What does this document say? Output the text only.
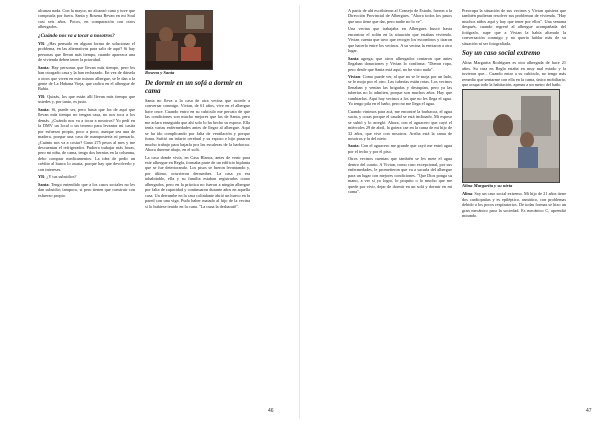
alcanza nada. Con la mayor, no alcanzó cuna y tuve que comprarla por fuera. Santa y Rosena Bevan en mi Soul casi seis años. Pocos, en comparación con otros albergados.

¿Cuándo nos va a tocar a nosotros?

YR: ¿Has pensado en alguna forma de solucionar el problema, en las alternativas para salir de aquí? Si hay personas que llevan más tiempo, cuando aparezca una de vivienda deben tener la prioridad.

Santa: Hay personas que llevan más tiempo, pero les han otorgado casa y la han rechazado. En vez de dársela a otros que viven en este mismo albergue, se le dan a la gente de La Habana Vieja, que radica en el albergue de Bahía.

YR: Quizás, los que están allí llevan más tiempo que ustedes y, por tanto, es justo.

Santa: Sí, puede ser, pero hasta que los de aquí que llevan más tiempo no tengan casa, no nos toca a los demás. ¿Cuándo nos va a tocar a nosotros? Yo pedí en la DMV un local o un terreno para levantar mi casita por esfuerzo propio, poco a poco, aunque sea una de madera, porque una casa de mampostería ni pensarlo. ¿Cuánto nos va a costar? Gano 275 pesos al mes y me descuentan el refrigerador. Pudiera trabajar más horas, pero mi niña, de cama, tengo dos hernias en la columna, debo comprar medicamentos. La idea de pedir un crédito al banco lo asusta, porque hay que devolverlo y con intereses.

YR: ¿Y tus subsidios?

Santa: Tengo entendido que a los casos sociales no les dan subsidio; tampoco, si pero tienen que construir con esfuerzo propio.

Rosena y Santa

De dormir en un sofá a dormir en cama

Santa no lleva a la casa de otra vecina que accede a conversar conmigo. Vivian, de 61 años, vive en el albergue hace once. Cuando entro en su cubículo me percato de que las condiciones son mucho mejores que las de Santa, pero me aclara enseguida que ahí solo lo ha hecho su esposo. Ella tenía varias enfermedades antes de llegar al albergue. Aquí se ha ido complicando por falta de ventilación y porque fuma. Sufrió un infarto cerebral y su esposo e hijo pasaron mucho trabajo para bajarla por las escaleras de la barbacoa. Ahora duerme abajo, en el sofá.

La casa donde vivía, en Casa Blanca, antes de venir para este albergue en Regla, formaba parte de un edificio biplanta que se fue deteriorando. Los pisos se fueron levantando y, por último, ocurrieron derrumbes. La casa ya era inhabitable, ella y su familia estaban registrados como albergados, pero en la práctica no fueron a ningún albergue por falta de capacidad y continuaron durante años en aquella casa. Un derrumbe en la casa colindante abrió un hueco en la pared con una viga. Pudo haber matado al hijo de la vecina si lo hubiese tenido en la cuna. "La cuna la desbaratô".

46

A partir de ahí escribieron al Consejo de Estado, fueron a la Dirección Provincial de Albergues. "Ahora todos los pasos que uno tiene que dar, pero nadie no lo ve".

Una vecina que trabajaba en Albergues buscó hasta encontrar el sofán en la situación que estaban viviendo. Vivian cuenta que tuvo que recoger los escombros y tiraron que hacerlo entre los vecinos. A su vecina la enviaron a otro lugar.

Santa agrega, que otros albergados contaron que antes llegaban donaciones y Vivian lo confirma: "Dieron ropa, pero desde que Santa está aquí, no he visto nada".

Vivian: Como puede ver, al que no se le moja por un lado, se le moja por el otro. Las tuberías están rotas. Los vecinos llenaban y venían las brigadas y destupían, pero ya las tuberías no lo admiten, porque son muchos años. Hay que cambiarlas. Aquí hay vecinos a los que no les llega el agua. Yo tengo pila en el baño, pero no me llega el agua.

Cuando vinimos para acá, me encontré la barbacoa, el agua sucia, y cosas porque el caudal se está inclinado. Mi esposo se subió y lo arregló. Ahora, con el aguacero que cayó el miércoles 29 de abril, la gotera cae en la cama de mi hijo de 32 años, que vive con nosotros. Arriba está la cama de nosotros y la del nieto.

Santa: Con el aguacero me grande que cayó me entró agua por el techo y por el piso.

Otros vecinos cuentan que también se les mete el agua dentro del cuarto. A Vivian, como caso excepcional, por sus enfermedades, le prometieron que va a sacarla del albergue para un lugar con mejores condiciones. "Que Dios ponga su mano, a ver si yo logro, lo poquito o lo mucho que me quede por vivir, dejar de dormir en un sofá y dormir en mi cama".

Preocupa la situación de sus vecinos y Vivian quisiera que también pudieran resolver sus problemas de vivienda. "Hay muchos niños aquí y hay que tener por ellos". Una semana después, cuando regresé al albergue acompañada del fotógrafo, supe que a Vivian la había alterado la conversación conmigo y no quería hablar más de su situación ni ser fotografiada.

Soy un caso social extremo

Alina Margarita Rodríguez es otra albergada de hace 21 años. Su casa en Regla estaba en muy mal estado y la tuvieron que... Cuando entro a su cubículo, no tengo más remedio que sentarme con ella en la cama, único mobiliario, que ocupa todo la habitación, apenas a un metro del baño.

Alina Margarita y su nieta

Alina: Soy un caso social extremo. Mi hijo de 21 años tiene dos cardiopatías y es epiléptico, asmático, con problemas debido a los pocos respiratorios. De todas formas se hizo un gran mecánico para la sociedad. Es mecánico C, aprendió mirando.

47
